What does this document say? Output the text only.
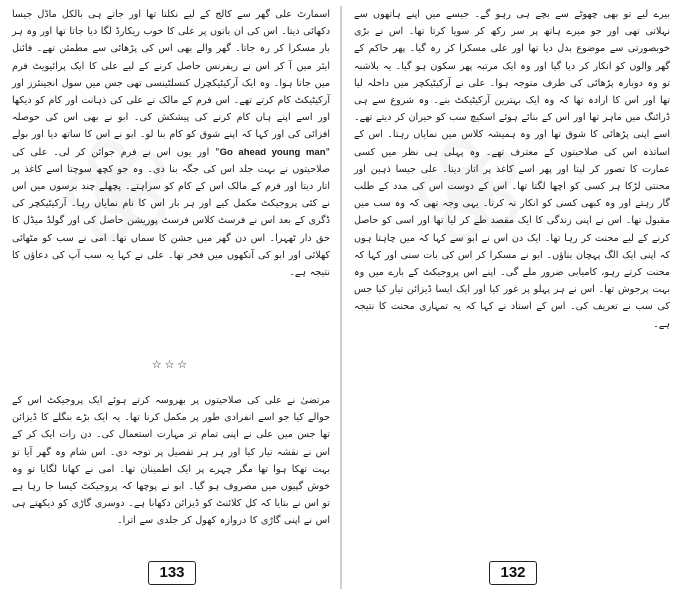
اسمارٹ علی گھر سے کالج کے لیے نکلتا تھا اور جاتے ہی بالکل ماڈل جیسا دکھائی دیتا۔ اس کی ان باتوں پر علی کا خوب ریکارڈ لگا دیا جاتا تھا اور وہ ہر بار مسکرا کر رہ جاتا۔ گھر والے بھی اس کی پڑھائی سے مطمئن تھے۔ فائنل ایئر میں آ کر اس نے ریفرنس حاصل کرنے کے لیے علی کا ایک پرائیویٹ فرم میں جانا ہوا۔ وہ ایک آرکیٹیکچرل کنسلٹینسی تھی جس میں سول انجینئرز اور آرکیٹیکٹ کام کرتے تھے۔ اس فرم کے مالک نے علی کی ذہانت اور کام کو دیکھا اور اسے اپنے ہاں کام کرنے کی پیشکش کی۔ ابو نے بھی اس کی حوصلہ افزائی کی اور کہا کہ اپنے شوق کو کام بنا لو۔ ابو نے اس کا ساتھ دیا اور بولے "Go ahead young man" اور یوں اس نے فرم جوائن کر لی۔ علی کی صلاحیتوں نے بہت جلد اس کی جگہ بنا دی۔ وہ جو کچھ سوچتا اسے کاغذ پر اتار دیتا اور فرم کے مالک اس کے کام کو سراہتے۔ پچھلے چند برسوں میں اس نے کئی پروجیکٹ مکمل کیے اور ہر بار اس کا نام نمایاں رہا۔ آرکیٹیکچر کی ڈگری کے بعد اس نے فرسٹ کلاس فرسٹ پوزیشن حاصل کی اور گولڈ میڈل کا حق دار ٹھہرا۔ اس دن گھر میں جشن کا سماں تھا۔ امی نے سب کو مٹھائی کھلائی اور ابو کی آنکھوں میں فخر تھا۔ علی نے کہا یہ سب آپ کی دعاؤں کا نتیجہ ہے۔
☆☆☆
مرتضیٰ نے علی کی صلاحیتوں پر بھروسہ کرتے ہوئے ایک پروجیکٹ اس کے حوالے کیا جو اسے انفرادی طور پر مکمل کرنا تھا۔ یہ ایک بڑے بنگلے کا ڈیزائن تھا جس میں علی نے اپنی تمام تر مہارت استعمال کی۔ دن رات ایک کر کے اس نے نقشہ تیار کیا اور ہر ہر تفصیل پر توجہ دی۔ اس شام وہ گھر آیا تو بہت تھکا ہوا تھا مگر چہرے پر ایک اطمینان تھا۔ امی نے کھانا لگایا تو وہ خوش گپیوں میں مصروف ہو گیا۔ ابو نے پوچھا کہ پروجیکٹ کیسا جا رہا ہے تو اس نے بتایا کہ کل کلائنٹ کو ڈیزائن دکھانا ہے۔ دوسری گاڑی کو دیکھتے ہی اس نے اپنی گاڑی کا دروازہ کھول کر جلدی سے اترا۔
133
بیرے لیے تو بھی چھوٹے سے بچے ہی رہو گے۔ جیسے میں اپنے ہاتھوں سے نہلاتی تھی اور جو میرے ہاتھ پر سر رکھ کر سویا کرتا تھا۔ اس نے بڑی خوبصورتی سے موضوع بدل دیا تھا اور علی مسکرا کر رہ گیا۔ پھر حاکم کے گھر والوں کو انکار کر دیا گیا اور وہ ایک مرتبہ پھر سکون ہو گیا۔ یہ بلاشبہ تو وہ دوبارہ پڑھائی کی طرف متوجہ ہوا۔ علی نے آرکیٹیکچر میں داخلہ لیا تھا اور اس کا ارادہ تھا کہ وہ ایک بہترین آرکیٹیکٹ بنے۔ وہ شروع سے ہی ڈرائنگ میں ماہر تھا اور اس کے بنائے ہوئے اسکیچ سب کو حیران کر دیتے تھے۔ اسے اپنی پڑھائی کا شوق تھا اور وہ ہمیشہ کلاس میں نمایاں رہتا۔ اس کے اساتذہ اس کی صلاحیتوں کے معترف تھے۔ وہ پہلی ہی نظر میں کسی عمارت کا تصور کر لیتا اور پھر اسے کاغذ پر اتار دیتا۔ علی جیسا ذہین اور محنتی لڑکا ہر کسی کو اچھا لگتا تھا۔ اس کے دوست اس کی مدد کے طلب گار رہتے اور وہ کبھی کسی کو انکار نہ کرتا۔ یہی وجہ تھی کہ وہ سب میں مقبول تھا۔ اس نے اپنی زندگی کا ایک مقصد طے کر لیا تھا اور اسی کو حاصل کرنے کے لیے محنت کر رہا تھا۔ ایک دن اس نے ابو سے کہا کہ میں چاہتا ہوں کہ اپنی ایک الگ پہچان بناؤں۔ ابو نے مسکرا کر اس کی بات سنی اور کہا کہ محنت کرتے رہو، کامیابی ضرور ملے گی۔ اپنے اس پروجیکٹ کے بارے میں وہ بہت پرجوش تھا۔ اس نے ہر پہلو پر غور کیا اور ایک ایسا ڈیزائن تیار کیا جس کی سب نے تعریف کی۔ اس کے استاد نے کہا کہ یہ تمہاری محنت کا نتیجہ ہے۔
132
